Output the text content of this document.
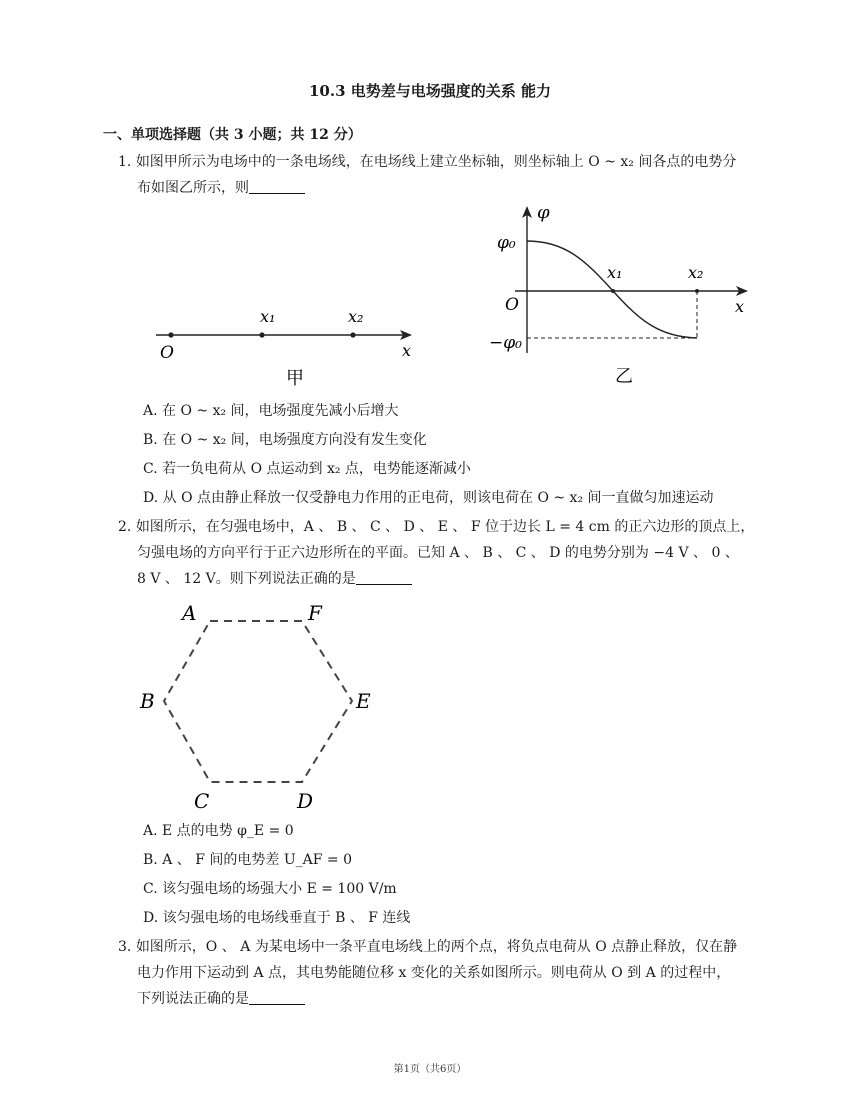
10.3 电势差与电场强度的关系 能力
一、单项选择题（共 3 小题；共 12 分）
1. 如图甲所示为电场中的一条电场线，在电场线上建立坐标轴，则坐标轴上 O ~ x₂ 间各点的电势分
布如图乙所示，则
O
x₁	x₂
x
甲
φ
φ₀
x₁	x₂
O	x
−φ₀
乙
A. 在 O ~ x₂ 间，电场强度先减小后增大
B. 在 O ~ x₂ 间，电场强度方向没有发生变化
C. 若一负电荷从 O 点运动到 x₂ 点，电势能逐渐减小
D. 从 O 点由静止释放一仅受静电力作用的正电荷，则该电荷在 O ~ x₂ 间一直做匀加速运动
2. 如图所示，在匀强电场中，A 、 B 、 C 、 D 、 E 、 F 位于边长 L = 4 cm 的正六边形的顶点上，
匀强电场的方向平行于正六边形所在的平面。已知 A 、 B 、 C 、 D 的电势分别为 −4 V 、 0 、
8 V 、 12 V。则下列说法正确的是
A	F
B	E
C	D
A. E 点的电势 φ_E = 0
B. A 、 F 间的电势差 U_AF = 0
C. 该匀强电场的场强大小 E = 100 V/m
D. 该匀强电场的电场线垂直于 B 、 F 连线
3. 如图所示，O 、 A 为某电场中一条平直电场线上的两个点，将负点电荷从 O 点静止释放，仅在静
电力作用下运动到 A 点，其电势能随位移 x 变化的关系如图所示。则电荷从 O 到 A 的过程中，
下列说法正确的是
第1页（共6页）
